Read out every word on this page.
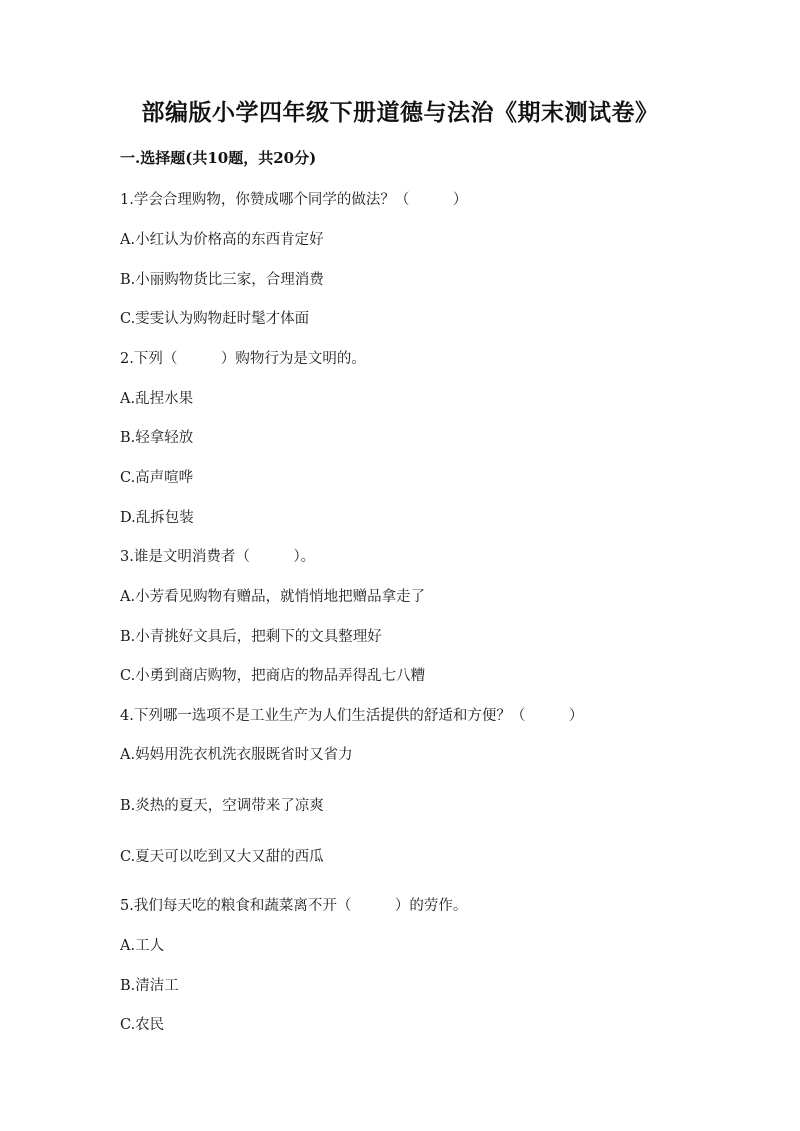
部编版小学四年级下册道德与法治《期末测试卷》
一.选择题(共10题，共20分)
1.学会合理购物，你赞成哪个同学的做法？（　　　）
A.小红认为价格高的东西肯定好
B.小丽购物货比三家，合理消费
C.雯雯认为购物赶时髦才体面
2.下列（　　　）购物行为是文明的。
A.乱捏水果
B.轻拿轻放
C.高声喧哗
D.乱拆包装
3.谁是文明消费者（　　　）。
A.小芳看见购物有赠品，就悄悄地把赠品拿走了
B.小青挑好文具后，把剩下的文具整理好
C.小勇到商店购物，把商店的物品弄得乱七八糟
4.下列哪一选项不是工业生产为人们生活提供的舒适和方便？（　　　）
A.妈妈用洗衣机洗衣服既省时又省力
B.炎热的夏天，空调带来了凉爽
C.夏天可以吃到又大又甜的西瓜
5.我们每天吃的粮食和蔬菜离不开（　　　）的劳作。
A.工人
B.清洁工
C.农民
